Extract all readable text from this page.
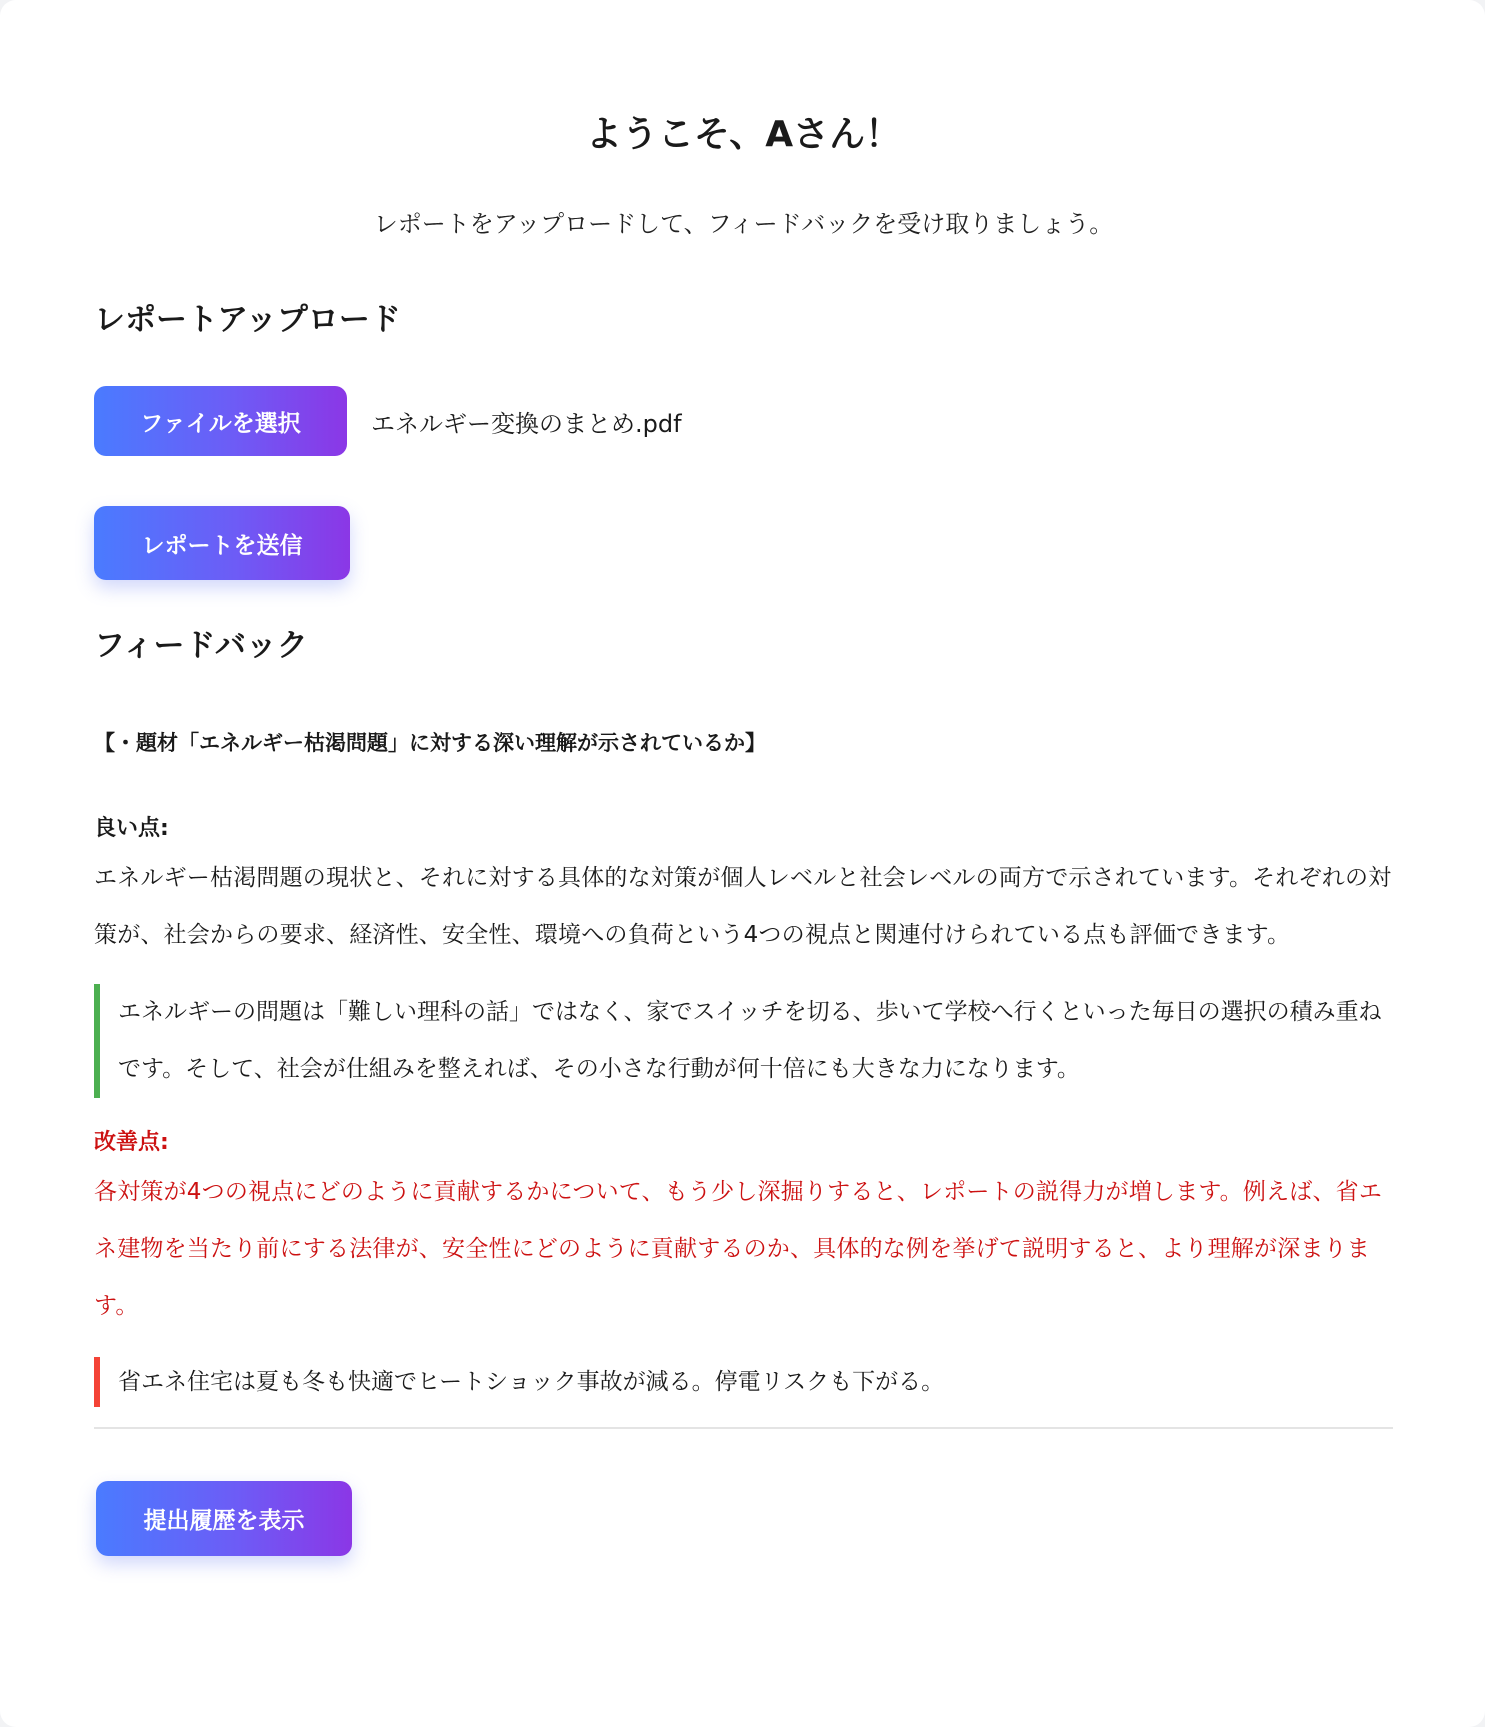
ようこそ、Aさん！

レポートをアップロードして、フィードバックを受け取りましょう。

レポートアップロード
ファイルを選択	エネルギー変換のまとめ.pdf
レポートを送信
フィードバック

【・題材「エネルギー枯渇問題」に対する深い理解が示されているか】

良い点:

エネルギー枯渇問題の現状と、それに対する具体的な対策が個人レベルと社会レベルの両方で示されています。それぞれの対策が、社会からの要求、経済性、安全性、環境への負荷という4つの視点と関連付けられている点も評価できます。

エネルギーの問題は「難しい理科の話」ではなく、家でスイッチを切る、歩いて学校へ行くといった毎日の選択の積み重ねです。そして、社会が仕組みを整えれば、その小さな行動が何十倍にも大きな力になります。

改善点:

各対策が4つの視点にどのように貢献するかについて、もう少し深掘りすると、レポートの説得力が増します。例えば、省エネ建物を当たり前にする法律が、安全性にどのように貢献するのか、具体的な例を挙げて説明すると、より理解が深まります。

省エネ住宅は夏も冬も快適でヒートショック事故が減る。停電リスクも下がる。
提出履歴を表示
